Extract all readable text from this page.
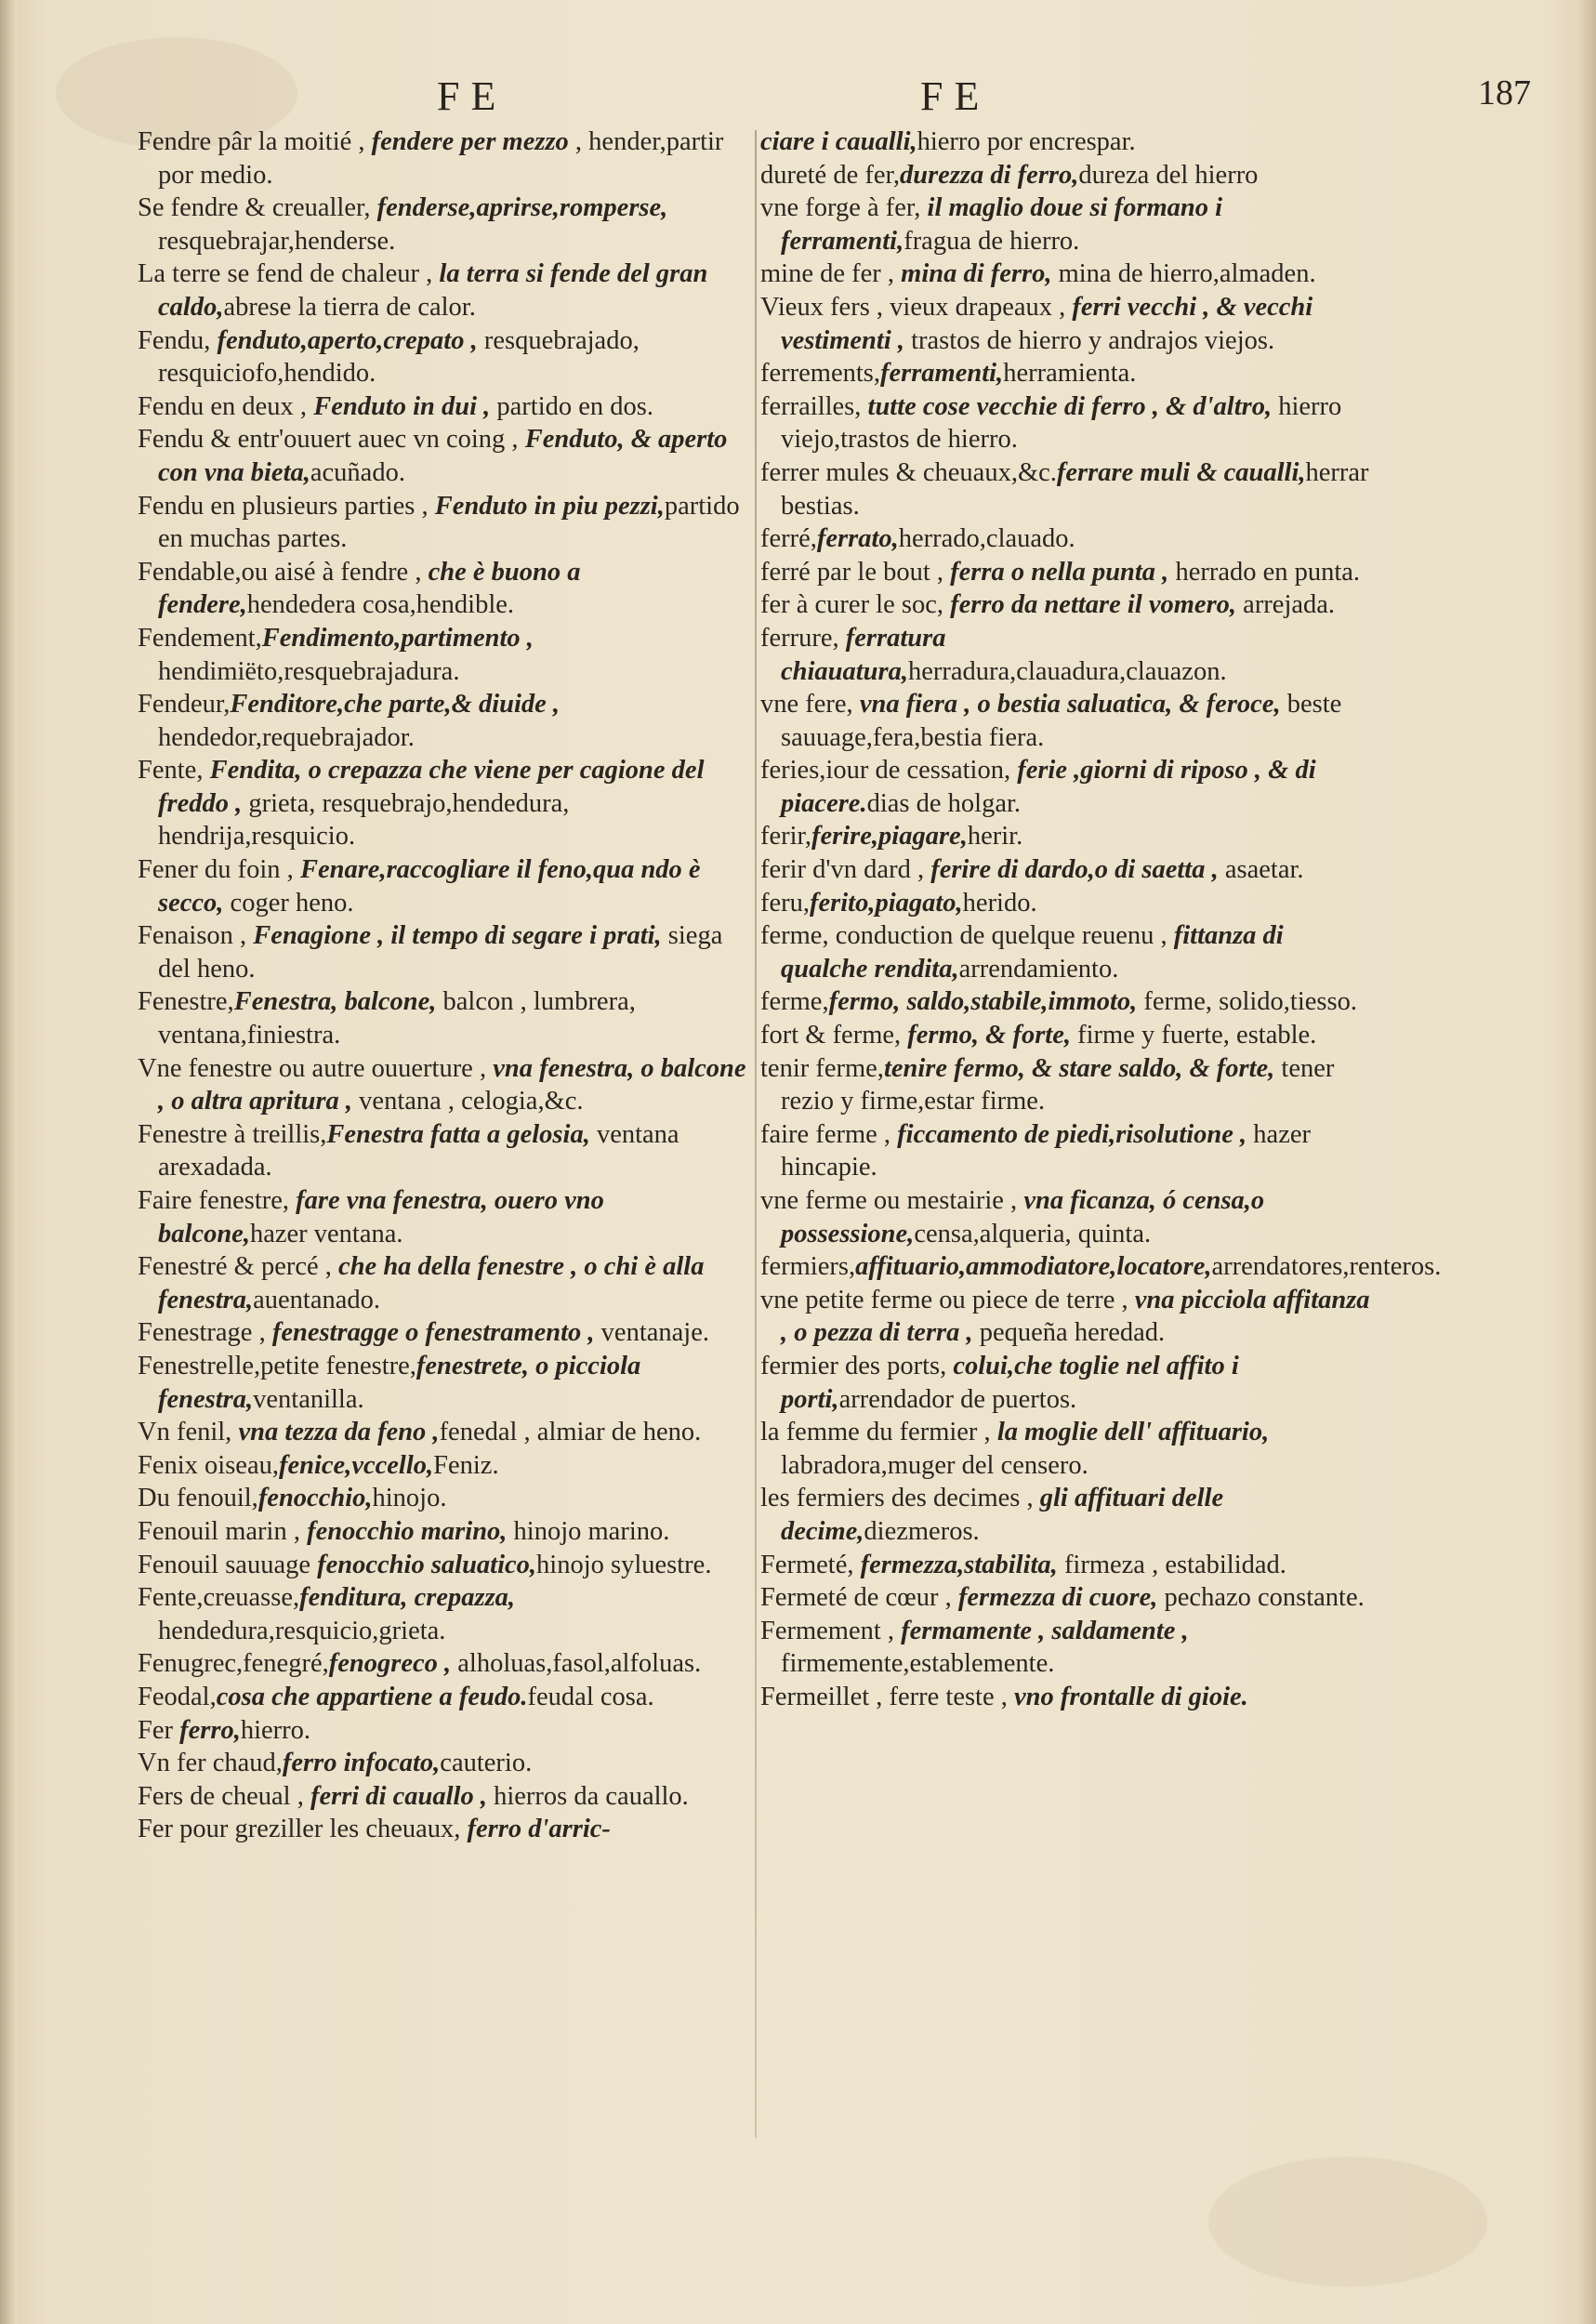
FE	FE	187

Fendre pâr la moitié , fendere per mezzo , hender,partir por medio.

Se fendre & creualler, fenderse,aprirse,romperse, resquebrajar,henderse.

La terre se fend de chaleur , la terra si fende del gran caldo,abrese la tierra de calor.

Fendu, fenduto,aperto,crepato , resquebrajado, resquiciofo,hendido.

Fendu en deux , Fenduto in dui , partido en dos.

Fendu & entr'ouuert auec vn coing , Fenduto, & aperto con vna bieta,acuñado.

Fendu en plusieurs parties , Fenduto in piu pezzi,partido en muchas partes.

Fendable,ou aisé à fendre , che è buono a fendere,hendedera cosa,hendible.

Fendement,Fendimento,partimento , hendimiëto,resquebrajadura.

Fendeur,Fenditore,che parte,& diuide , hendedor,requebrajador.

Fente, Fendita, o crepazza che viene per cagione del freddo , grieta, resquebrajo,hendedura, hendrija,resquicio.

Fener du foin , Fenare,raccogliare il feno,qua ndo è secco, coger heno.

Fenaison , Fenagione , il tempo di segare i prati, siega del heno.

Fenestre,Fenestra, balcone, balcon , lumbrera, ventana,finiestra.

Vne fenestre ou autre ouuerture , vna fenestra, o balcone , o altra apritura , ventana , celogia,&c.

Fenestre à treillis,Fenestra fatta a gelosia, ventana arexadada.

Faire fenestre, fare vna fenestra, ouero vno balcone,hazer ventana.

Fenestré & percé , che ha della fenestre , o chi è alla fenestra,auentanado.

Fenestrage , fenestragge o fenestramento , ventanaje.

Fenestrelle,petite fenestre,fenestrete, o picciola fenestra,ventanilla.

Vn fenil, vna tezza da feno ,fenedal , almiar de heno.

Fenix oiseau,fenice,vccello,Feniz.

Du fenouil,fenocchio,hinojo.

Fenouil marin , fenocchio marino, hinojo marino.

Fenouil sauuage fenocchio saluatico,hinojo syluestre.

Fente,creuasse,fenditura, crepazza, hendedura,resquicio,grieta.

Fenugrec,fenegré,fenogreco , alholuas,fasol,alfoluas.

Feodal,cosa che appartiene a feudo.feudal cosa.

Fer ferro,hierro.

Vn fer chaud,ferro infocato,cauterio.

Fers de cheual , ferri di cauallo , hierros da cauallo.

Fer pour greziller les cheuaux, ferro d'arric-

ciare i caualli,hierro por encrespar.

dureté de fer,durezza di ferro,dureza del hierro

vne forge à fer, il maglio doue si formano i ferramenti,fragua de hierro.

mine de fer , mina di ferro, mina de hierro,almaden.

Vieux fers , vieux drapeaux , ferri vecchi , & vecchi vestimenti , trastos de hierro y andrajos viejos.

ferrements,ferramenti,herramienta.

ferrailles, tutte cose vecchie di ferro , & d'altro, hierro viejo,trastos de hierro.

ferrer mules & cheuaux,&c.ferrare muli & caualli,herrar bestias.

ferré,ferrato,herrado,clauado.

ferré par le bout , ferra o nella punta , herrado en punta.

fer à curer le soc, ferro da nettare il vomero, arrejada.

ferrure, ferratura chiauatura,herradura,clauadura,clauazon.

vne fere, vna fiera , o bestia saluatica, & feroce, beste sauuage,fera,bestia fiera.

feries,iour de cessation, ferie ,giorni di riposo , & di piacere.dias de holgar.

ferir,ferire,piagare,herir.

ferir d'vn dard , ferire di dardo,o di saetta , asaetar.

feru,ferito,piagato,herido.

ferme, conduction de quelque reuenu , fittanza di qualche rendita,arrendamiento.

ferme,fermo, saldo,stabile,immoto, ferme, solido,tiesso.

fort & ferme, fermo, & forte, firme y fuerte, estable.

tenir ferme,tenire fermo, & stare saldo, & forte, tener rezio y firme,estar firme.

faire ferme , ficcamento de piedi,risolutione , hazer hincapie.

vne ferme ou mestairie , vna ficanza, ó censa,o possessione,censa,alqueria, quinta.

fermiers,affituario,ammodiatore,locatore,arrendatores,renteros.

vne petite ferme ou piece de terre , vna picciola affitanza , o pezza di terra , pequeña heredad.

fermier des ports, colui,che toglie nel affito i porti,arrendador de puertos.

la femme du fermier , la moglie dell' affituario, labradora,muger del censero.

les fermiers des decimes , gli affituari delle decime,diezmeros.

Fermeté, fermezza,stabilita, firmeza , estabilidad.

Fermeté de cœur , fermezza di cuore, pechazo constante.

Fermement , fermamente , saldamente , firmemente,establemente.

Fermeillet , ferre teste , vno frontalle di gioie.
